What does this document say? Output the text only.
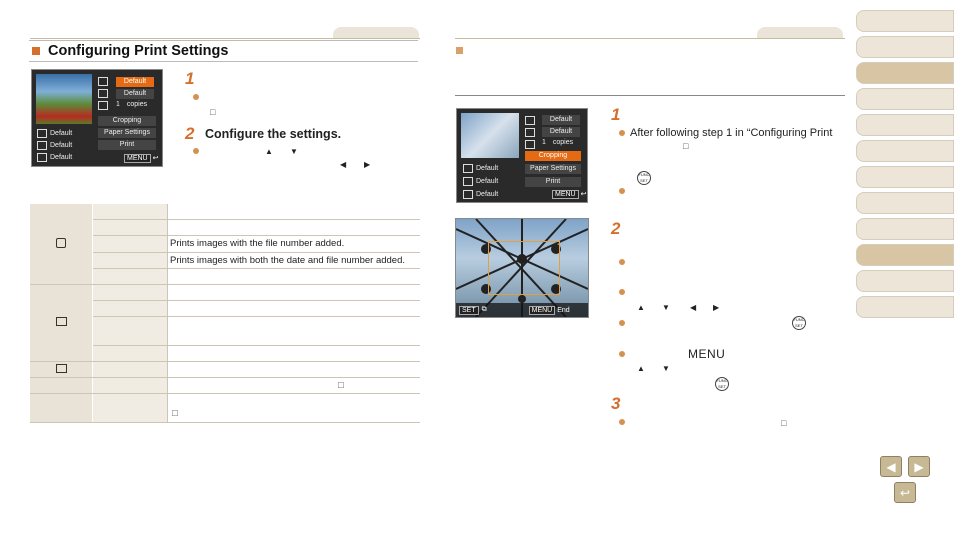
Configuring Print Settings
Default
Default
1 copies
Cropping
Paper Settings
Print
Default
Default
Default	MENU ↩
1
□
2 Configure the settings.
▲ ▼
◀ ▶

		Prints images with the file number added.
		Prints images with both the date and file number added.

		□

		□
Default
Default
1 copies
Cropping
Paper Settings
Print
Default
Default
Default	MENU ↩
SET ⧉	MENU End
1
After following step 1 in “Configuring Print
□
FUNC SET
2
▲ ▼	◀ ▶
FUNC SET
MENU
▲ ▼
FUNC SET
3
□
◀	▶
↩
